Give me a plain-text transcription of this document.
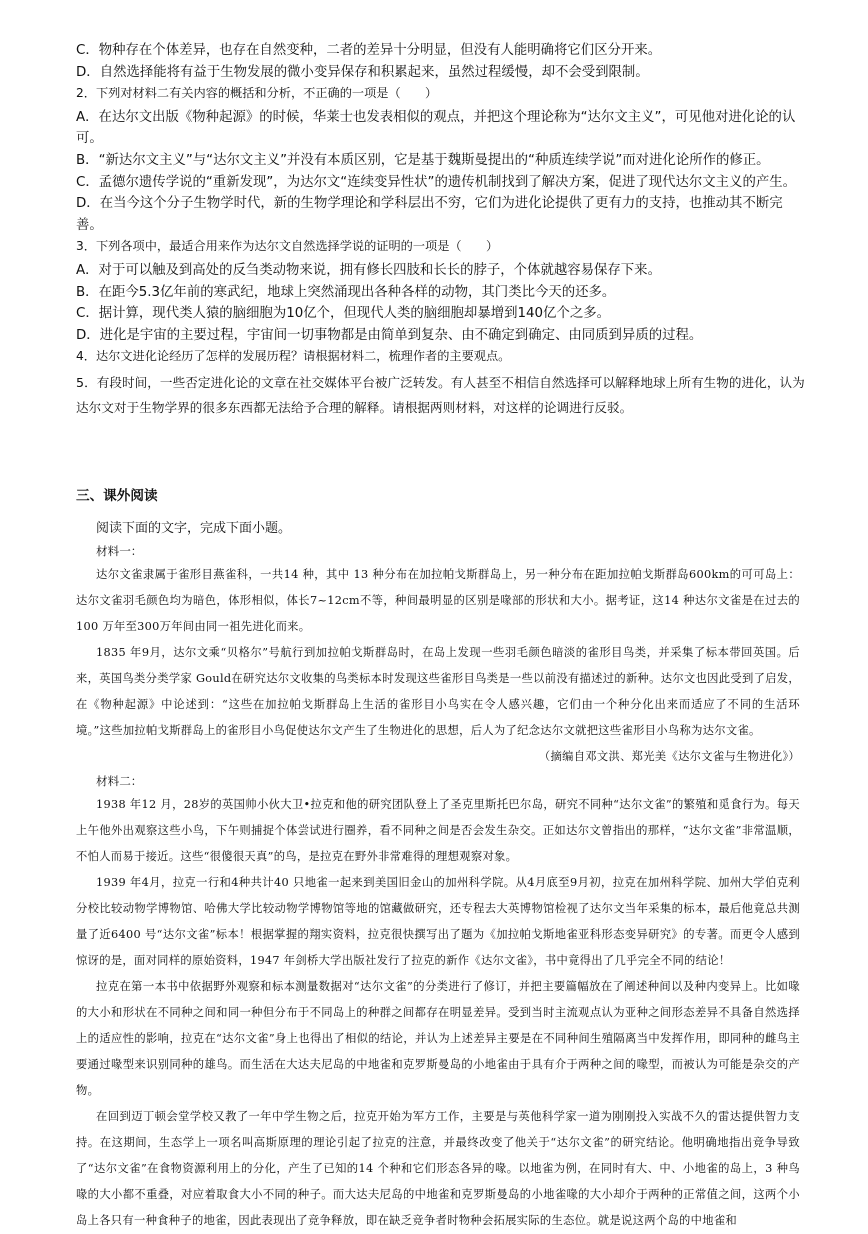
C．物种存在个体差异，也存在自然变种，二者的差异十分明显，但没有人能明确将它们区分开来。

D．自然选择能将有益于生物发展的微小变异保存和积累起来，虽然过程缓慢，却不会受到限制。

2．下列对材料二有关内容的概括和分析，不正确的一项是（　　）

A．在达尔文出版《物种起源》的时候，华莱士也发表相似的观点，并把这个理论称为“达尔文主义”，可见他对进化论的认可。

B．“新达尔文主义”与“达尔文主义”并没有本质区别，它是基于魏斯曼提出的“种质连续学说”而对进化论所作的修正。

C．孟德尔遗传学说的“重新发现”，为达尔文“连续变异性状”的遗传机制找到了解决方案，促进了现代达尔文主义的产生。

D．在当今这个分子生物学时代，新的生物学理论和学科层出不穷，它们为进化论提供了更有力的支持，也推动其不断完善。

3．下列各项中，最适合用来作为达尔文自然选择学说的证明的一项是（　　）

A．对于可以触及到高处的反刍类动物来说，拥有修长四肢和长长的脖子，个体就越容易保存下来。

B．在距今5.3亿年前的寒武纪，地球上突然涌现出各种各样的动物，其门类比今天的还多。

C．据计算，现代类人猿的脑细胞为10亿个，但现代人类的脑细胞却暴增到140亿个之多。

D．进化是宇宙的主要过程，宇宙间一切事物都是由简单到复杂、由不确定到确定、由同质到异质的过程。

4．达尔文进化论经历了怎样的发展历程？请根据材料二，梳理作者的主要观点。

5．有段时间，一些否定进化论的文章在社交媒体平台被广泛转发。有人甚至不相信自然选择可以解释地球上所有生物的进化，认为达尔文对于生物学界的很多东西都无法给予合理的解释。请根据两则材料，对这样的论调进行反驳。

三、课外阅读

阅读下面的文字，完成下面小题。

材料一：

达尔文雀隶属于雀形目燕雀科，一共14 种，其中 13 种分布在加拉帕戈斯群岛上，另一种分布在距加拉帕戈斯群岛600km的可可岛上：达尔文雀羽毛颜色均为暗色，体形相似，体长7~12cm不等，种间最明显的区别是喙部的形状和大小。据考证，这14 种达尔文雀是在过去的100 万年至300万年间由同一祖先进化而来。

1835 年9月，达尔文乘“贝格尔”号航行到加拉帕戈斯群岛时，在岛上发现一些羽毛颜色暗淡的雀形目鸟类，并采集了标本带回英国。后来，英国鸟类分类学家 Gould在研究达尔文收集的鸟类标本时发现这些雀形目鸟类是一些以前没有描述过的新种。达尔文也因此受到了启发，在《物种起源》中论述到：“这些在加拉帕戈斯群岛上生活的雀形目小鸟实在令人感兴趣，它们由一个种分化出来而适应了不同的生活环境。”这些加拉帕戈斯群岛上的雀形目小鸟促使达尔文产生了生物进化的思想，后人为了纪念达尔文就把这些雀形目小鸟称为达尔文雀。

（摘编自邓文洪、郑光美《达尔文雀与生物进化》）

材料二：

1938 年12 月，28岁的英国帅小伙大卫•拉克和他的研究团队登上了圣克里斯托巴尔岛，研究不同种“达尔文雀”的繁殖和觅食行为。每天上午他外出观察这些小鸟，下午则捕捉个体尝试进行圈养，看不同种之间是否会发生杂交。正如达尔文曾指出的那样，“达尔文雀”非常温顺，不怕人而易于接近。这些“很傻很天真”的鸟，是拉克在野外非常难得的理想观察对象。

1939 年4月，拉克一行和4种共计40 只地雀一起来到美国旧金山的加州科学院。从4月底至9月初，拉克在加州科学院、加州大学伯克利分校比较动物学博物馆、哈佛大学比较动物学博物馆等地的馆藏做研究，还专程去大英博物馆检视了达尔文当年采集的标本，最后他竟总共测量了近6400 号“达尔文雀”标本！根据掌握的翔实资料，拉克很快撰写出了题为《加拉帕戈斯地雀亚科形态变异研究》的专著。而更令人感到惊讶的是，面对同样的原始资料，1947 年剑桥大学出版社发行了拉克的新作《达尔文雀》，书中竟得出了几乎完全不同的结论！

拉克在第一本书中依据野外观察和标本测量数据对“达尔文雀”的分类进行了修订，并把主要篇幅放在了阐述种间以及种内变异上。比如喙的大小和形状在不同种之间和同一种但分布于不同岛上的种群之间都存在明显差异。受到当时主流观点认为亚种之间形态差异不具备自然选择上的适应性的影响，拉克在“达尔文雀”身上也得出了相似的结论，并认为上述差异主要是在不同种间生殖隔离当中发挥作用，即同种的雌鸟主要通过喙型来识别同种的雄鸟。而生活在大达夫尼岛的中地雀和克罗斯曼岛的小地雀由于具有介于两种之间的喙型，而被认为可能是杂交的产物。

在回到迈丁顿会堂学校又教了一年中学生物之后，拉克开始为军方工作，主要是与英他科学家一道为刚刚投入实战不久的雷达提供智力支持。在这期间，生态学上一项名叫高斯原理的理论引起了拉克的注意，并最终改变了他关于“达尔文雀”的研究结论。他明确地指出竞争导致了“达尔文雀”在食物资源利用上的分化，产生了已知的14 个种和它们形态各异的喙。以地雀为例，在同时有大、中、小地雀的岛上，3 种鸟喙的大小都不重叠，对应着取食大小不同的种子。而大达夫尼岛的中地雀和克罗斯曼岛的小地雀喙的大小却介于两种的正常值之间，这两个小岛上各只有一种食种子的地雀，因此表现出了竞争释放，即在缺乏竞争者时物种会拓展实际的生态位。就是说这两个岛的中地雀和
